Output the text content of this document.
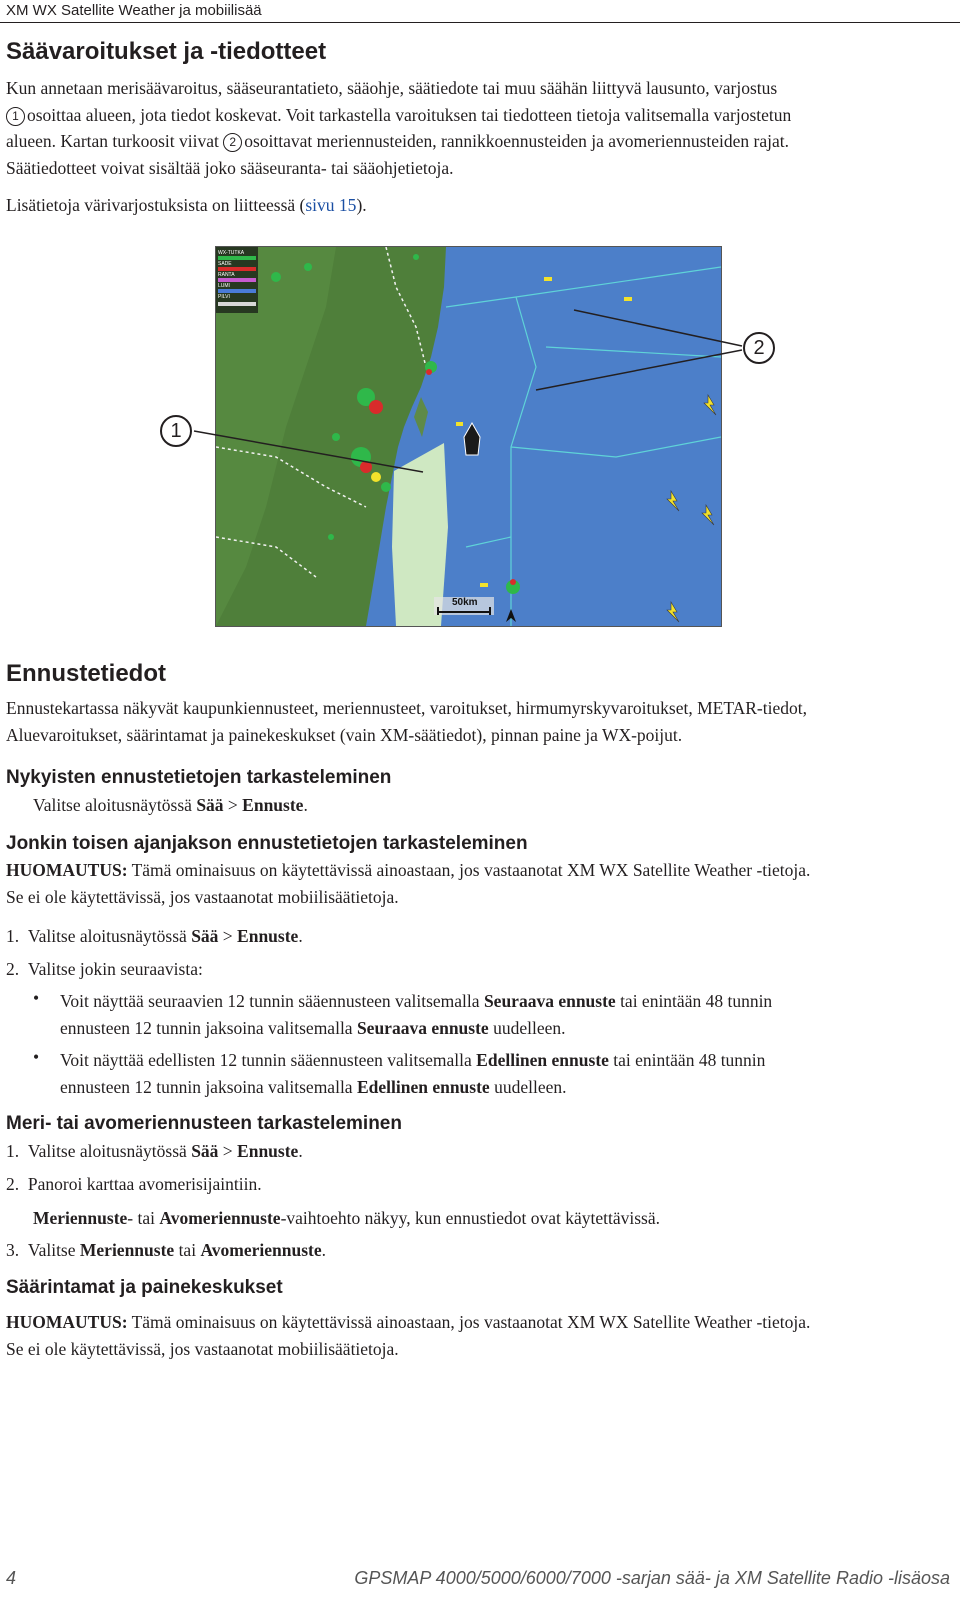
XM WX Satellite Weather ja mobiilisää
Säävaroitukset ja -tiedotteet
Kun annetaan merisäävaroitus, sääseurantatieto, sääohje, säätiedote tai muu säähän liittyvä lausunto, varjostus
1 osoittaa alueen, jota tiedot koskevat. Voit tarkastella varoituksen tai tiedotteen tietoja valitsemalla varjostetun
alueen. Kartan turkoosit viivat 2 osoittavat meriennusteiden, rannikkoennusteiden ja avomeriennusteiden rajat.
Säätiedotteet voivat sisältää joko sääseuranta- tai sääohjetietoja.
Lisätietoja värivarjostuksista on liitteessä (sivu 15).
WX-TUTKA
SADE
RANTA
LUMI
PILVI
50km
1
2
Ennustetiedot
Ennustekartassa näkyvät kaupunkiennusteet, meriennusteet, varoitukset, hirmumyrskyvaroitukset, METAR-tiedot,
Aluevaroitukset, säärintamat ja painekeskukset (vain XM-säätiedot), pinnan paine ja WX-poijut.
Nykyisten ennustetietojen tarkasteleminen
Valitse aloitusnäytössä Sää > Ennuste.
Jonkin toisen ajanjakson ennustetietojen tarkasteleminen
HUOMAUTUS: Tämä ominaisuus on käytettävissä ainoastaan, jos vastaanotat XM WX Satellite Weather -tietoja.
Se ei ole käytettävissä, jos vastaanotat mobiilisäätietoja.
1. Valitse aloitusnäytössä Sää > Ennuste.
2. Valitse jokin seuraavista:
• Voit näyttää seuraavien 12 tunnin sääennusteen valitsemalla Seuraava ennuste tai enintään 48 tunnin
ennusteen 12 tunnin jaksoina valitsemalla Seuraava ennuste uudelleen.
• Voit näyttää edellisten 12 tunnin sääennusteen valitsemalla Edellinen ennuste tai enintään 48 tunnin
ennusteen 12 tunnin jaksoina valitsemalla Edellinen ennuste uudelleen.
Meri- tai avomeriennusteen tarkasteleminen
1. Valitse aloitusnäytössä Sää > Ennuste.
2. Panoroi karttaa avomerisijaintiin.
Meriennuste- tai Avomeriennuste-vaihtoehto näkyy, kun ennustiedot ovat käytettävissä.
3. Valitse Meriennuste tai Avomeriennuste.
Säärintamat ja painekeskukset
HUOMAUTUS: Tämä ominaisuus on käytettävissä ainoastaan, jos vastaanotat XM WX Satellite Weather -tietoja.
Se ei ole käytettävissä, jos vastaanotat mobiilisäätietoja.
4	GPSMAP 4000/5000/6000/7000 -sarjan sää- ja XM Satellite Radio -lisäosa
